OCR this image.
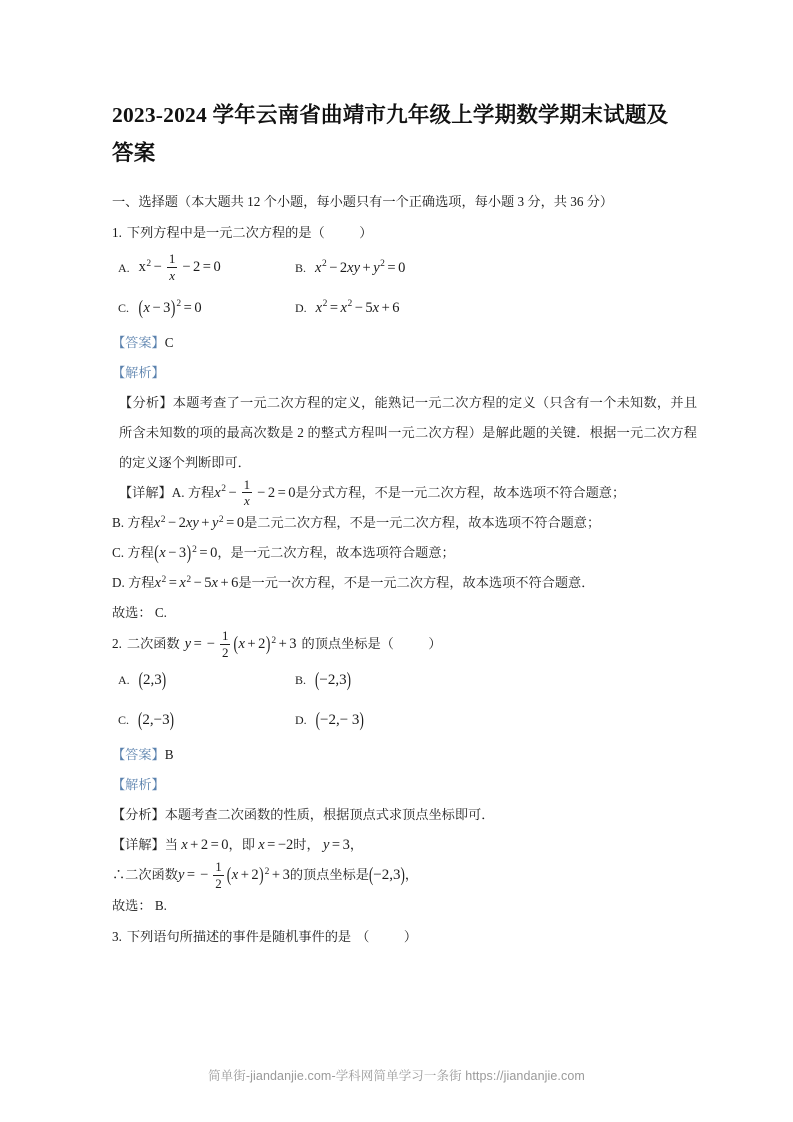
2023-2024 学年云南省曲靖市九年级上学期数学期末试题及答案

一、选择题（本大题共 12 个小题，每小题只有一个正确选项，每小题 3 分，共 36 分）

1. 下列方程中是一元二次方程的是（
	）

A. $x^2 - \frac{1}{x} - 2 = 0$	B. $x^2 - 2xy + y^2 = 0$
C. $(x - 3)^2 = 0$	D. $x^2 = x^2 - 5x + 6$

【答案】C

【解析】

【分析】本题考查了一元二次方程的定义，能熟记一元二次方程的定义（只含有一个未知数，并且所含未知数的项的最高次数是 2 的整式方程叫一元二次方程）是解此题的关键．根据一元二次方程的定义逐个判断即可．

【详解】A. 方程$x^2 - \frac{1}{x} - 2 = 0$是分式方程，不是一元二次方程，故本选项不符合题意；

B. 方程$x^2 - 2xy + y^2 = 0$是二元二次方程，不是一元二次方程，故本选项不符合题意；

C. 方程$(x - 3)^2 = 0$，是一元二次方程，故本选项符合题意；

D. 方程$x^2 = x^2 - 5x + 6$是一元一次方程，不是一元二次方程，故本选项不符合题意．

故选： C.

2. 二次函数 y = − $\frac{1}{2} (x + 2)^2 + 3$ 的顶点坐标是（
	）

A. (2,3)	B. (−2,3)
C. (2,−3)	D. (−2,− 3)

【答案】B

【解析】

【分析】本题考查二次函数的性质，根据顶点式求顶点坐标即可．

【详解】当 x + 2 = 0，即 x = −2时， y = 3，

∴二次函数y = − $\frac{1}{2} (x + 2)^2 + 3$的顶点坐标是(−2,3)，

故选： B.

3. 下列语句所描述的事件是随机事件的是 （
	）

简单街-jiandanjie.com-学科网简单学习一条街 https://jiandanjie.com
